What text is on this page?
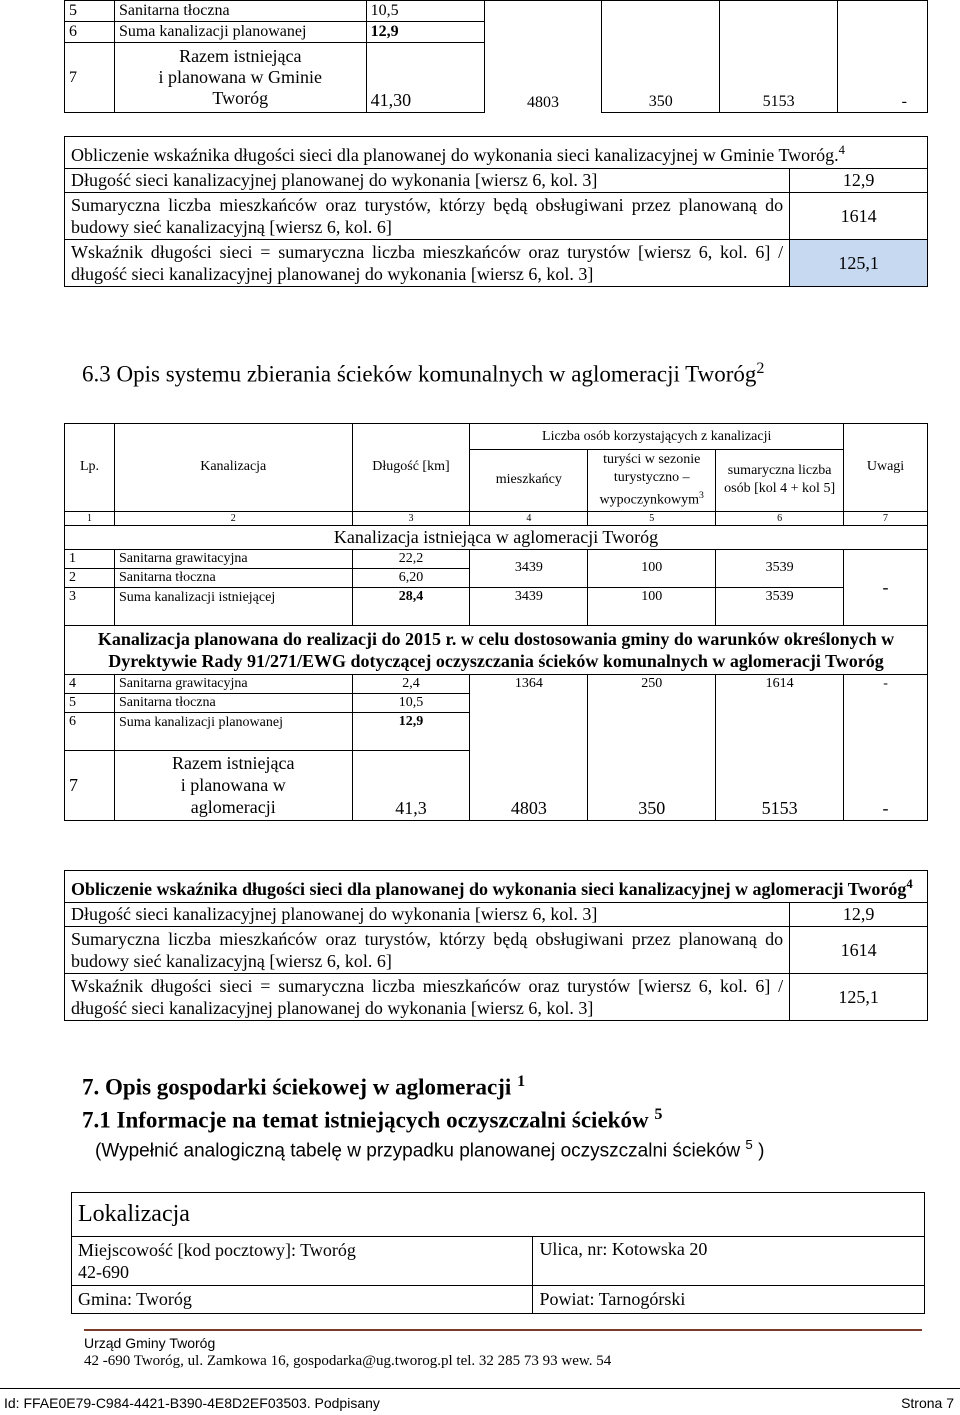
5	Sanitarna tłoczna	10,5	4803	350	5153	-
6	Suma kanalizacji planowanej	12,9				
7	Razem istniejąca
i planowana w Gminie
Tworóg	41,30				
Obliczenie wskaźnika długości sieci dla planowanej do wykonania sieci kanalizacyjnej w Gminie Tworóg.$^4$
Długość sieci kanalizacyjnej planowanej do wykonania [wiersz 6, kol. 3]	12,9
Sumaryczna liczba mieszkańców oraz turystów, którzy będą obsługiwani przez planowaną do budowy sieć kanalizacyjną [wiersz 6, kol. 6]	1614
Wskaźnik długości sieci = sumaryczna liczba mieszkańców oraz turystów [wiersz 6, kol. 6] / długość sieci kanalizacyjnej planowanej do wykonania [wiersz 6, kol. 3]	125,1
6.3 Opis systemu zbierania ścieków komunalnych w aglomeracji Tworóg$^2$
Lp.	Kanalizacja	Długość [km]	Liczba osób korzystających z kanalizacji			Uwagi
			mieszkańcy	turyści w sezonie turystyczno – wypoczynkowym$^3$	sumaryczna liczba osób [kol 4 + kol 5]	
1	2	3	4	5	6	7
Kanalizacja istniejąca w aglomeracji Tworóg						
1	Sanitarna grawitacyjna	22,2	3439	100	3539	-
2	Sanitarna tłoczna	6,20				
3	Suma kanalizacji istniejącej	28,4	3439	100	3539	
Kanalizacja planowana do realizacji do 2015 r. w celu dostosowania gminy do warunków określonych w Dyrektywie Rady 91/271/EWG dotyczącej oczyszczania ścieków komunalnych w aglomeracji Tworóg						
4	Sanitarna grawitacyjna	2,4	1364	250	1614	-
5	Sanitarna tłoczna	10,5	4803	350	5153	-
6	Suma kanalizacji planowanej	12,9				
7	Razem istniejąca
i planowana w
aglomeracji	41,3				
Obliczenie wskaźnika długości sieci dla planowanej do wykonania sieci kanalizacyjnej w aglomeracji Tworóg$^4$
Długość sieci kanalizacyjnej planowanej do wykonania [wiersz 6, kol. 3]	12,9
Sumaryczna liczba mieszkańców oraz turystów, którzy będą obsługiwani przez planowaną do budowy sieć kanalizacyjną [wiersz 6, kol. 6]	1614
Wskaźnik długości sieci = sumaryczna liczba mieszkańców oraz turystów [wiersz 6, kol. 6] / długość sieci kanalizacyjnej planowanej do wykonania [wiersz 6, kol. 3]	125,1
7. Opis gospodarki ściekowej w aglomeracji $^1$
7.1 Informacje na temat istniejących oczyszczalni ścieków $^5$
(Wypełnić analogiczną tabelę w przypadku planowanej oczyszczalni ścieków $^5$ )
Lokalizacja	

Miejscowość [kod pocztowy]: Tworóg
42-690	Ulica, nr: Kotowska 20
Gmina: Tworóg	Powiat: Tarnogórski
Urząd Gminy Tworóg
42 -690 Tworóg, ul. Zamkowa 16, gospodarka@ug.tworog.pl tel. 32 285 73 93 wew. 54
Id: FFAE0E79-C984-4421-B390-4E8D2EF03503. Podpisany	Strona 7
